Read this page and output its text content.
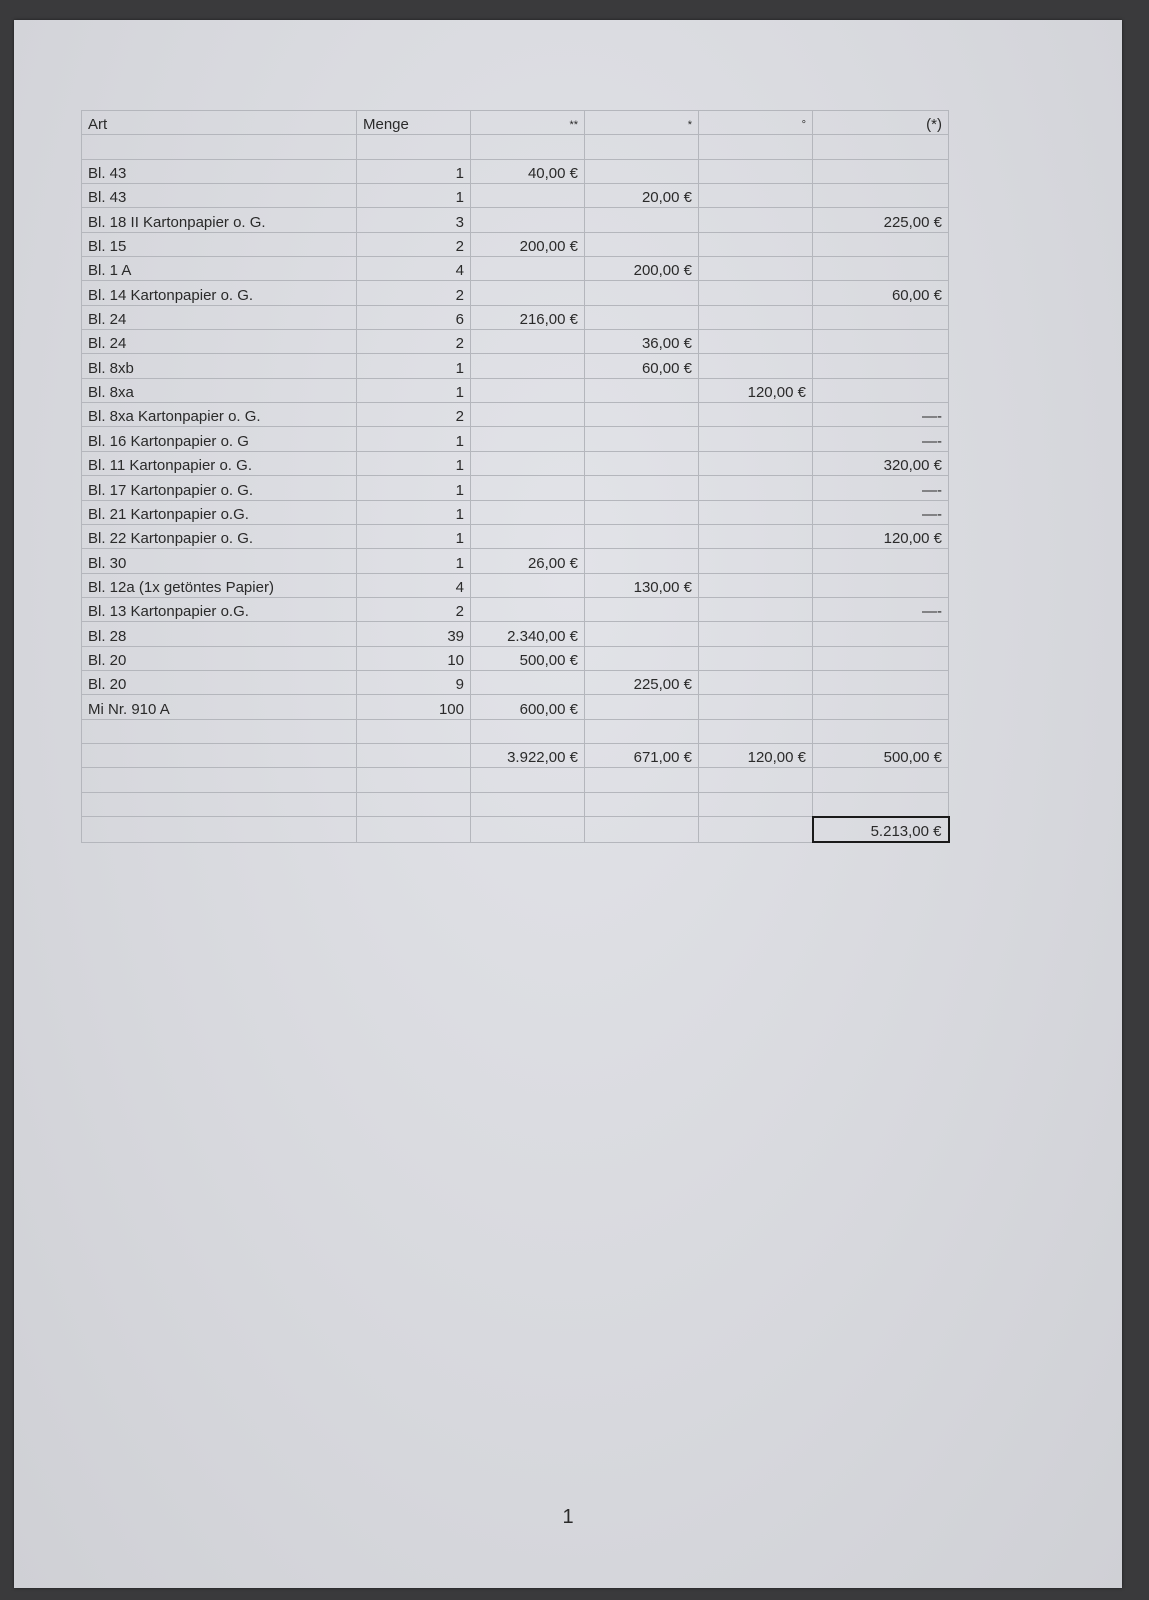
Art	Menge	**	*	°	(*)

Bl. 43	1	40,00 €			
Bl. 43	1		20,00 €		
Bl. 18 II Kartonpapier o. G.	3				225,00 €
Bl. 15	2	200,00 €			
Bl. 1 A	4		200,00 €		
Bl. 14 Kartonpapier o. G.	2				60,00 €
Bl. 24	6	216,00 €			
Bl. 24	2		36,00 €		
Bl. 8xb	1		60,00 €		
Bl. 8xa	1			120,00 €	
Bl. 8xa Kartonpapier o. G.	2				—-
Bl. 16 Kartonpapier o. G	1				—-
Bl. 11 Kartonpapier o. G.	1				320,00 €
Bl. 17 Kartonpapier o. G.	1				—-
Bl. 21 Kartonpapier o.G.	1				—-
Bl. 22 Kartonpapier o. G.	1				120,00 €
Bl. 30	1	26,00 €			
Bl. 12a (1x getöntes Papier)	4		130,00 €		
Bl. 13 Kartonpapier o.G.	2				—-
Bl. 28	39	2.340,00 €			
Bl. 20	10	500,00 €			
Bl. 20	9		225,00 €		
Mi Nr. 910 A	100	600,00 €			

		3.922,00 €	671,00 €	120,00 €	500,00 €

					5.213,00 €
1
